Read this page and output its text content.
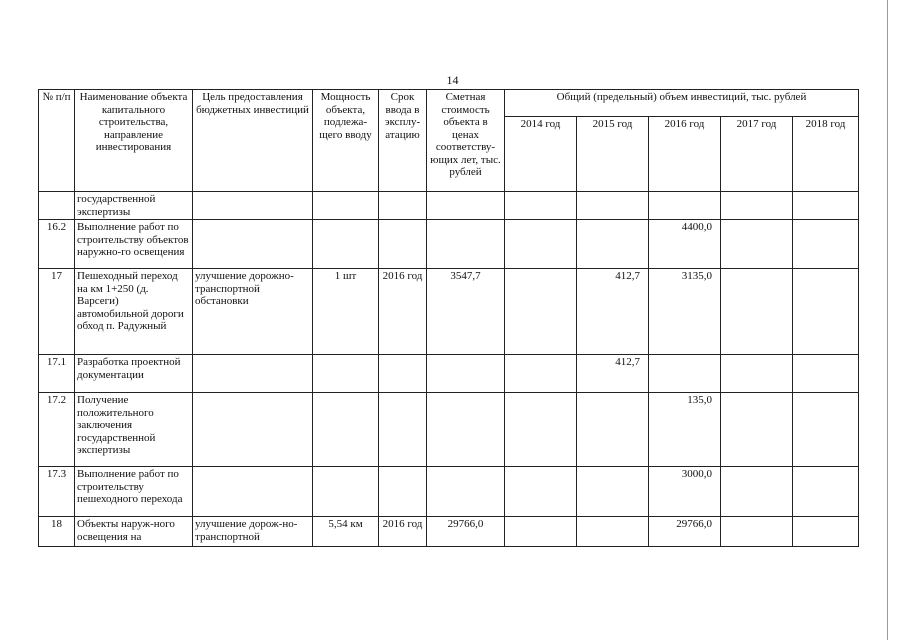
14
№ п/п	Наименование объекта капитального строительства, направление инвестирования	Цель предоставления бюджетных инвестиций	Мощность объекта, подлежа-щего вводу	Срок ввода в эксплу-атацию	Сметная стоимость объекта в ценах соответству-ющих лет, тыс. рублей	Общий (предельный) объем инвестиций, тыс. рублей				
						2014 год	2015 год	2016 год	2017 год	2018 год
	государственной экспертизы									
16.2	Выполнение работ по строительству объектов наружно-го освещения							4400,0		
17	Пешеходный переход на км 1+250 (д. Варсеги) автомобильной дороги обход п. Радужный	улучшение дорожно-транспортной обстановки	1 шт	2016 год	3547,7		412,7	3135,0		
17.1	Разработка проектной документации						412,7			
17.2	Получение положительного заключения государственной экспертизы							135,0		
17.3	Выполнение работ по строительству пешеходного перехода							3000,0		
18	Объекты наруж-ного освещения на	улучшение дорож-но-транспортной	5,54 км	2016 год	29766,0			29766,0		
